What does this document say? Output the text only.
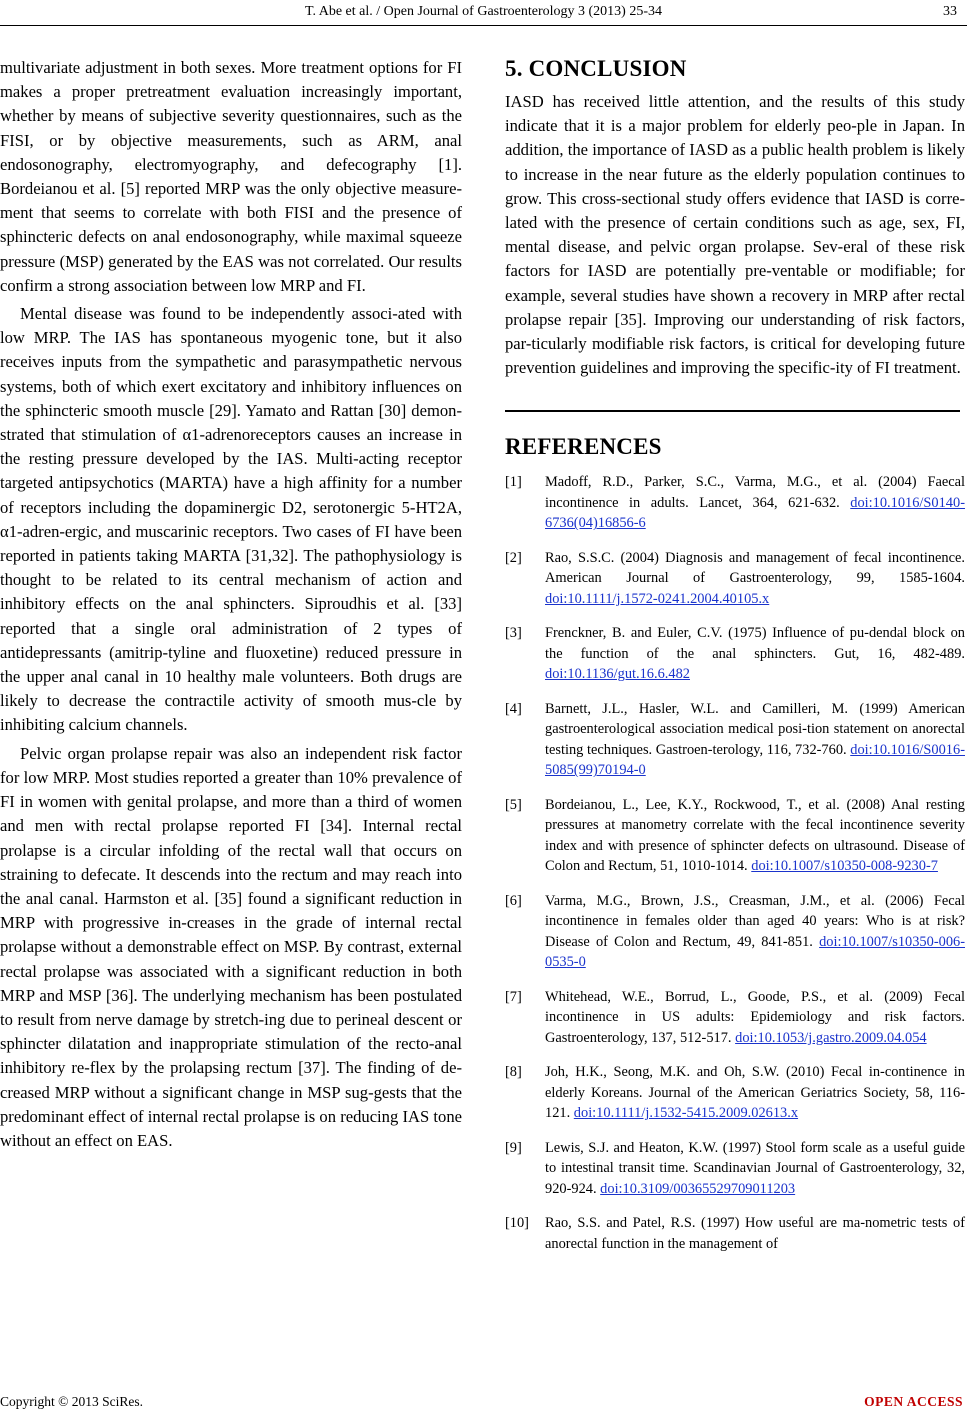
T. Abe et al. / Open Journal of Gastroenterology 3 (2013) 25-34	33

multivariate adjustment in both sexes. More treatment options for FI makes a proper pretreatment evaluation increasingly important, whether by means of subjective severity questionnaires, such as the FISI, or by objective measurements, such as ARM, anal endosonography, electromyography, and defecography [1]. Bordeianou et al. [5] reported MRP was the only objective measure-ment that seems to correlate with both FISI and the presence of sphincteric defects on anal endosonography, while maximal squeeze pressure (MSP) generated by the EAS was not correlated. Our results confirm a strong association between low MRP and FI.

Mental disease was found to be independently associ-ated with low MRP. The IAS has spontaneous myogenic tone, but it also receives inputs from the sympathetic and parasympathetic nervous systems, both of which exert excitatory and inhibitory influences on the sphincteric smooth muscle [29]. Yamato and Rattan [30] demon-strated that stimulation of α1-adrenoreceptors causes an increase in the resting pressure developed by the IAS. Multi-acting receptor targeted antipsychotics (MARTA) have a high affinity for a number of receptors including the dopaminergic D2, serotonergic 5-HT2A, α1-adren-ergic, and muscarinic receptors. Two cases of FI have been reported in patients taking MARTA [31,32]. The pathophysiology is thought to be related to its central mechanism of action and inhibitory effects on the anal sphincters. Siproudhis et al. [33] reported that a single oral administration of 2 types of antidepressants (amitrip-tyline and fluoxetine) reduced pressure in the upper anal canal in 10 healthy male volunteers. Both drugs are likely to decrease the contractile activity of smooth mus-cle by inhibiting calcium channels.

Pelvic organ prolapse repair was also an independent risk factor for low MRP. Most studies reported a greater than 10% prevalence of FI in women with genital prolapse, and more than a third of women and men with rectal prolapse reported FI [34]. Internal rectal prolapse is a circular infolding of the rectal wall that occurs on straining to defecate. It descends into the rectum and may reach into the anal canal. Harmston et al. [35] found a significant reduction in MRP with progressive in-creases in the grade of internal rectal prolapse without a demonstrable effect on MSP. By contrast, external rectal prolapse was associated with a significant reduction in both MRP and MSP [36]. The underlying mechanism has been postulated to result from nerve damage by stretch-ing due to perineal descent or sphincter dilatation and inappropriate stimulation of the recto-anal inhibitory re-flex by the prolapsing rectum [37]. The finding of de-creased MRP without a significant change in MSP sug-gests that the predominant effect of internal rectal prolapse is on reducing IAS tone without an effect on EAS.

5. CONCLUSION

IASD has received little attention, and the results of this study indicate that it is a major problem for elderly peo-ple in Japan. In addition, the importance of IASD as a public health problem is likely to increase in the near future as the elderly population continues to grow. This cross-sectional study offers evidence that IASD is corre-lated with the presence of certain conditions such as age, sex, FI, mental disease, and pelvic organ prolapse. Sev-eral of these risk factors for IASD are potentially pre-ventable or modifiable; for example, several studies have shown a recovery in MRP after rectal prolapse repair [35]. Improving our understanding of risk factors, par-ticularly modifiable risk factors, is critical for developing future prevention guidelines and improving the specific-ity of FI treatment.

REFERENCES
[1]	Madoff, R.D., Parker, S.C., Varma, M.G., et al. (2004) Faecal incontinence in adults. Lancet, 364, 621-632. doi:10.1016/S0140-6736(04)16856-6
[2]	Rao, S.S.C. (2004) Diagnosis and management of fecal incontinence. American Journal of Gastroenterology, 99, 1585-1604. doi:10.1111/j.1572-0241.2004.40105.x
[3]	Frenckner, B. and Euler, C.V. (1975) Influence of pu-dendal block on the function of the anal sphincters. Gut, 16, 482-489. doi:10.1136/gut.16.6.482
[4]	Barnett, J.L., Hasler, W.L. and Camilleri, M. (1999) American gastroenterological association medical posi-tion statement on anorectal testing techniques. Gastroen-terology, 116, 732-760. doi:10.1016/S0016-5085(99)70194-0
[5]	Bordeianou, L., Lee, K.Y., Rockwood, T., et al. (2008) Anal resting pressures at manometry correlate with the fecal incontinence severity index and with presence of sphincter defects on ultrasound. Disease of Colon and Rectum, 51, 1010-1014. doi:10.1007/s10350-008-9230-7
[6]	Varma, M.G., Brown, J.S., Creasman, J.M., et al. (2006) Fecal incontinence in females older than aged 40 years: Who is at risk? Disease of Colon and Rectum, 49, 841-851. doi:10.1007/s10350-006-0535-0
[7]	Whitehead, W.E., Borrud, L., Goode, P.S., et al. (2009) Fecal incontinence in US adults: Epidemiology and risk factors. Gastroenterology, 137, 512-517. doi:10.1053/j.gastro.2009.04.054
[8]	Joh, H.K., Seong, M.K. and Oh, S.W. (2010) Fecal in-continence in elderly Koreans. Journal of the American Geriatrics Society, 58, 116-121. doi:10.1111/j.1532-5415.2009.02613.x
[9]	Lewis, S.J. and Heaton, K.W. (1997) Stool form scale as a useful guide to intestinal transit time. Scandinavian Journal of Gastroenterology, 32, 920-924. doi:10.3109/00365529709011203
[10]	Rao, S.S. and Patel, R.S. (1997) How useful are ma-nometric tests of anorectal function in the management of
Copyright © 2013 SciRes.	OPEN ACCESS
